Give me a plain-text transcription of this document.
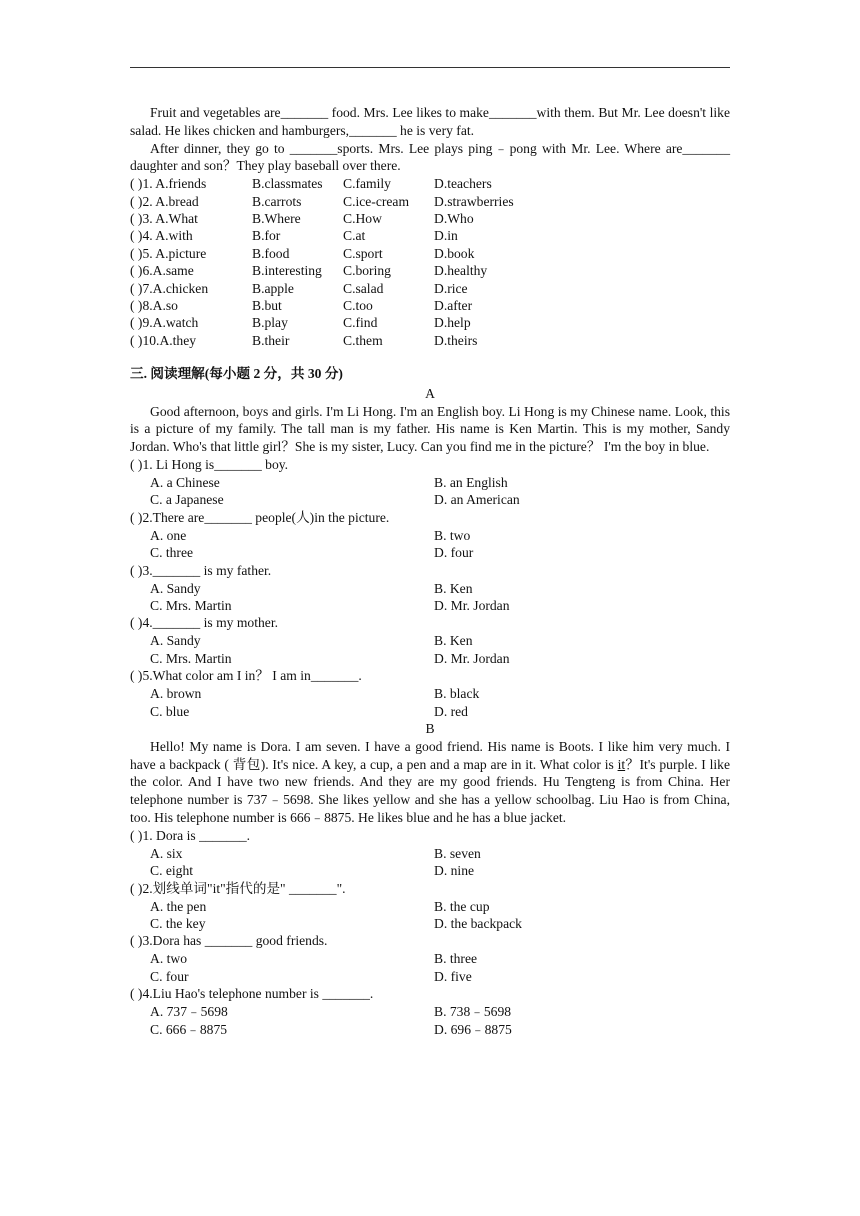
Fruit and vegetables are_______ food. Mrs. Lee likes to make_______with them. But Mr. Lee doesn't like salad. He likes chicken and hamburgers,_______ he is very fat.

After dinner, they go to _______sports. Mrs. Lee plays ping﹣pong with Mr. Lee. Where are_______ daughter and son？They play baseball over there.

( )1. A.friends	B.classmates	C.family	D.teachers
( )2. A.bread	B.carrots	C.ice-cream	D.strawberries
( )3. A.What	B.Where	C.How	D.Who
( )4. A.with	B.for	C.at	D.in
( )5. A.picture	B.food	C.sport	D.book
( )6.A.same	B.interesting	C.boring	D.healthy
( )7.A.chicken	B.apple	C.salad	D.rice
( )8.A.so	B.but	C.too	D.after
( )9.A.watch	B.play	C.find	D.help
( )10.A.they	B.their	C.them	D.theirs
三. 阅读理解(每小题 2 分，共 30 分)
A

Good afternoon, boys and girls. I'm Li Hong. I'm an English boy. Li Hong is my Chinese name. Look, this is a picture of my family. The tall man is my father. His name is Ken Martin. This is my mother, Sandy Jordan. Who's that little girl？She is my sister, Lucy. Can you find me in the picture？ I'm the boy in blue.

( )1. Li Hong is_______ boy.
A. a Chinese	B. an English
C. a Japanese	D. an American
( )2.There are_______ people(人)in the picture.
A. one	B. two
C. three	D. four
( )3._______ is my father.
A. Sandy	B. Ken
C. Mrs. Martin	D. Mr. Jordan
( )4._______ is my mother.
A. Sandy	B. Ken
C. Mrs. Martin	D. Mr. Jordan
( )5.What color am I in？ I am in_______.
A. brown	B. black
C. blue	D. red
B

Hello! My name is Dora. I am seven. I have a good friend. His name is Boots. I like him very much. I have a backpack ( 背包). It's nice. A key, a cup, a pen and a map are in it. What color is it？It's purple. I like the color. And I have two new friends. And they are my good friends. Hu Tengteng is from China. Her telephone number is 737﹣5698. She likes yellow and she has a yellow schoolbag. Liu Hao is from China, too. His telephone number is 666﹣8875. He likes blue and he has a blue jacket.

( )1. Dora is _______.
A. six	B. seven
C. eight	D. nine
( )2.划线单词"it"指代的是" _______".
A. the pen	B. the cup
C. the key	D. the backpack
( )3.Dora has _______ good friends.
A. two	B. three
C. four	D. five
( )4.Liu Hao's telephone number is _______.
A. 737﹣5698	B. 738﹣5698
C. 666﹣8875	D. 696﹣8875
